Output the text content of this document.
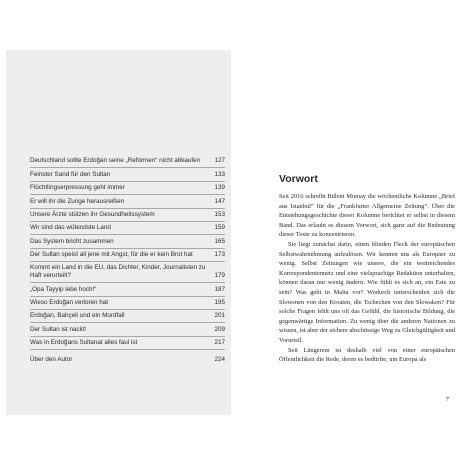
Deutschland sollte Erdoğan seine „Reformen“ nicht abkaufen	127
Feinster Sand für den Sultan	133
Flüchtlingserpressung geht immer	139
Er will ihr die Zunge herausreißen	147
Unsere Ärzte stützen ihr Gesundheitssystem	153
Wir sind das wütendste Land	159
Das System bricht zusammen	165
Der Sultan speist all jene mit Angst, für die er kein Brot hat	173
Kommt ein Land in die EU, das Dichter, Kinder, Journalisten zu Haft verurteilt?	179
„Opa Tayyip lebe hoch!“	187
Wieso Erdoğan verloren hat	195
Erdoğan, Bahçeli und ein Mordfall	201
Der Sultan ist nackt!	209
Was in Erdoğans Sultanat alles faul ist	217
Über den Autor	224
Vorwort

Seit 2016 schreibt Bülent Mumay die wöchentliche Kolumne „Brief aus Istanbul“ für die „Frankfurter Allgemeine Zeitung“. Über die Entstehungsgeschichte dieser Kolumne berichtet er selbst in diesem Band. Das erlaubt es diesem Vorwort, sich ganz auf die Bedeutung dieser Texte zu konzentrieren.

Sie liegt zunächst darin, einen blinden Fleck der europäischen Selbstwahrnehmung aufzulösen. Wir kennen uns als Europäer zu wenig. Selbst Zeitungen wie unsere, die ein weitreichendes Korrespondentennetz und eine vielsprachige Redaktion unterhalten, können daran nur wenig ändern. Wie fühlt es sich an, ein Este zu sein? Was geht in Malta vor? Wodurch unterscheiden sich die Slowenen von den Kroaten, die Tschechen von den Slowaken? Für solche Fragen fehlt uns oft das Gefühl, die historische Bildung, die gegenwärtige Information. Zu wenig über die anderen Nationen zu wissen, ist aber der sichere abschüssige Weg zu Gleichgültigkeit und Vorurteil.

Seit Längerem ist deshalb viel von einer europäischen Öffentlichkeit die Rede, deren es bedürfte, um Europa als

7
